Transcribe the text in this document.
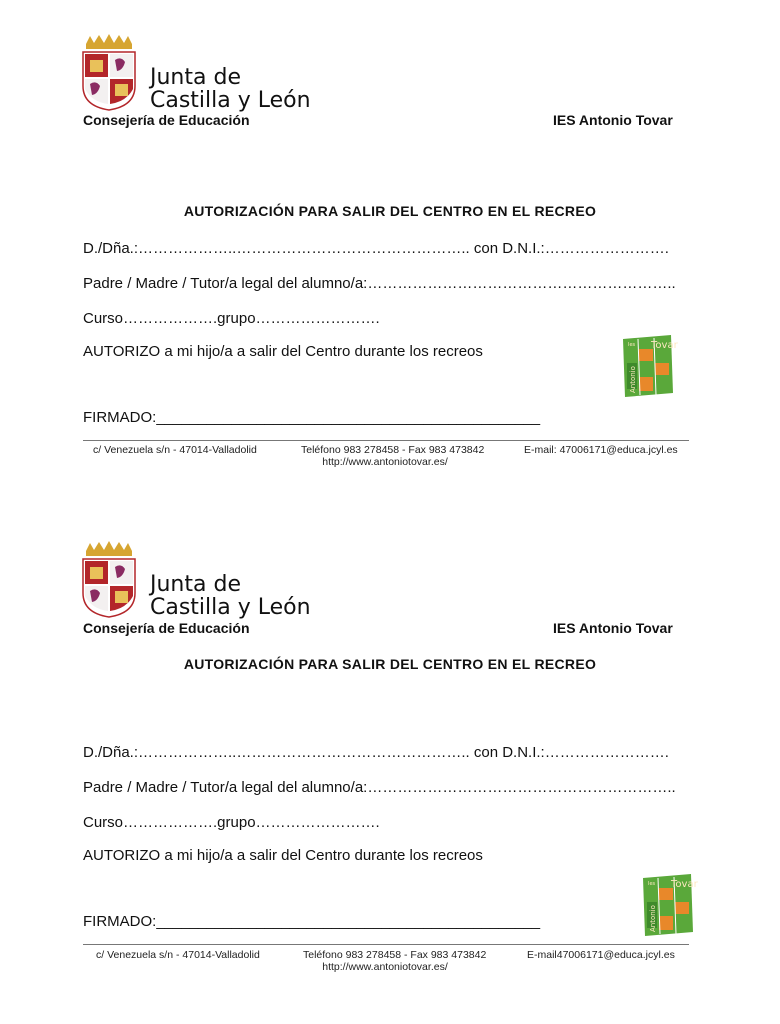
Junta de
Castilla y León
Consejería de Educación	IES Antonio Tovar
AUTORIZACIÓN PARA SALIR DEL CENTRO EN EL RECREO
D./Dña.:………………..……………………………………….. con D.N.I.:…………………….
Padre / Madre / Tutor/a legal del alumno/a:……………………………………………………..
Curso……………….grupo…………………….
AUTORIZO a mi hijo/a a salir del Centro durante los recreos	Tovar
Ies
Antonio
FIRMADO:______________________________________________
c/ Venezuela s/n - 47014-Valladolid	Teléfono 983 278458 - Fax 983 473842	E-mail: 47006171@educa.jcyl.es
http://www.antoniotovar.es/
Junta de
Castilla y León
Consejería de Educación	IES Antonio Tovar
AUTORIZACIÓN PARA SALIR DEL CENTRO EN EL RECREO
D./Dña.:………………..……………………………………….. con D.N.I.:…………………….
Padre / Madre / Tutor/a legal del alumno/a:……………………………………………………..
Curso……………….grupo…………………….
AUTORIZO a mi hijo/a a salir del Centro durante los recreos
Tovar
Ies
Antonio
FIRMADO:______________________________________________
c/ Venezuela s/n - 47014-Valladolid	Teléfono 983 278458 - Fax 983 473842	E-mail47006171@educa.jcyl.es
http://www.antoniotovar.es/
